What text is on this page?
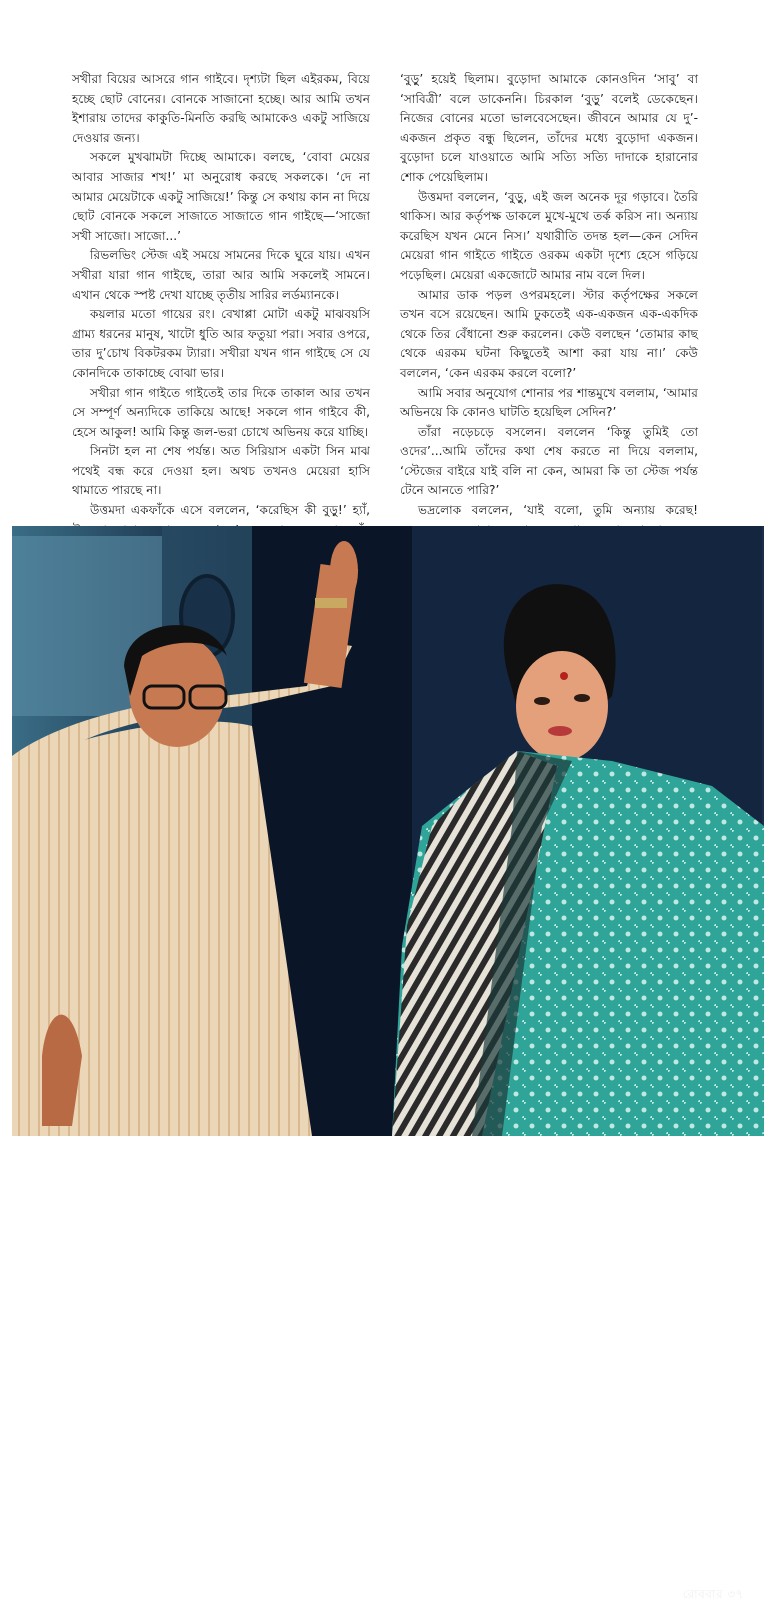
সখীরা বিয়ের আসরে গান গাইবে। দৃশ্যটা ছিল এইরকম, বিয়ে হচ্ছে ছোট বোনের। বোনকে সাজানো হচ্ছে। আর আমি তখন ইশারায় তাদের কাকুতি-মিনতি করছি আমাকেও একটু সাজিয়ে দেওয়ার জন্য।

সকলে মুখঝামটা দিচ্ছে আমাকে। বলছে, ‘বোবা মেয়ের আবার সাজার শখ!’ মা অনুরোধ করছে সকলকে। ‘দে না আমার মেয়েটাকে একটু সাজিয়ে!’ কিন্তু সে কথায় কান না দিয়ে ছোট বোনকে সকলে সাজাতে সাজাতে গান গাইছে—‘সাজো সখী সাজো। সাজো...’

রিভলভিং স্টেজ এই সময়ে সামনের দিকে ঘুরে যায়। এখন সখীরা যারা গান গাইছে, তারা আর আমি সকলেই সামনে। এখান থেকে স্পষ্ট দেখা যাচ্ছে তৃতীয় সারির লর্ডম্যানকে।

কয়লার মতো গায়ের রং। বেখাপ্পা মোটা একটু মাঝবয়সি গ্রাম্য ধরনের মানুষ, খাটো ধুতি আর ফতুয়া পরা। সবার ওপরে, তার দু’চোখ বিকটরকম ট্যারা। সখীরা যখন গান গাইছে সে যে কোনদিকে তাকাচ্ছে বোঝা ভার।

সখীরা গান গাইতে গাইতেই তার দিকে তাকাল আর তখন সে সম্পূর্ণ অন্যদিকে তাকিয়ে আছে! সকলে গান গাইবে কী, হেসে আকুল! আমি কিন্তু জল-ভরা চোখে অভিনয় করে যাচ্ছি।

সিনটা হল না শেষ পর্যন্ত। অত সিরিয়াস একটা সিন মাঝ পথেই বন্ধ করে দেওয়া হল। অথচ তখনও মেয়েরা হাসি থামাতে পারছে না।

উত্তমদা একফাঁকে এসে বললেন, ‘করেছিস কী বুড়ু!’ হ্যাঁ,

‘বুড়ু’ হয়েই ছিলাম। বুড়োদা আমাকে কোনওদিন ‘সাবু’ বা ‘সাবিত্রী’ বলে ডাকেননি। চিরকাল ‘বুড়ু’ বলেই ডেকেছেন। নিজের বোনের মতো ভালবেসেছেন। জীবনে আমার যে দু’-একজন প্রকৃত বন্ধু ছিলেন, তাঁদের মধ্যে বুড়োদা একজন। বুড়োদা চলে যাওয়াতে আমি সত্যি সত্যি দাদাকে হারানোর শোক পেয়েছিলাম।

উত্তমদা বললেন, ‘বুড়ু, এই জল অনেক দূর গড়াবে। তৈরি থাকিস। আর কর্তৃপক্ষ ডাকলে মুখে-মুখে তর্ক করিস না। অন্যায় করেছিস যখন মেনে নিস।’ যথারীতি তদন্ত হল—কেন সেদিন মেয়েরা গান গাইতে গাইতে ওরকম একটা দৃশ্যে হেসে গড়িয়ে পড়েছিল। মেয়েরা একজোটে আমার নাম বলে দিল।

আমার ডাক পড়ল ওপরমহলে। স্টার কর্তৃপক্ষের সকলে তখন বসে রয়েছেন। আমি ঢুকতেই এক-একজন এক-একদিক থেকে তির বেঁধানো শুরু করলেন। কেউ বলছেন ‘তোমার কাছ থেকে এরকম ঘটনা কিছুতেই আশা করা যায় না।’ কেউ বললেন, ‘কেন এরকম করলে বলো?’

আমি সবার অনুযোগ শোনার পর শান্তমুখে বললাম, ‘আমার অভিনয়ে কি কোনও ঘাটতি হয়েছিল সেদিন?’

তাঁরা নড়েচড়ে বসলেন। বললেন ‘কিন্তু তুমিই তো ওদের’...আমি তাঁদের কথা শেষ করতে না দিয়ে বললাম, ‘স্টেজের বাইরে যাই বলি না কেন, আমরা কি তা স্টেজ পর্যন্ত টেনে আনতে পারি?’

ভদ্রলোক বললেন, ‘যাই বলো, তুমি অন্যায় করেছ!

রোববার ৩৭
